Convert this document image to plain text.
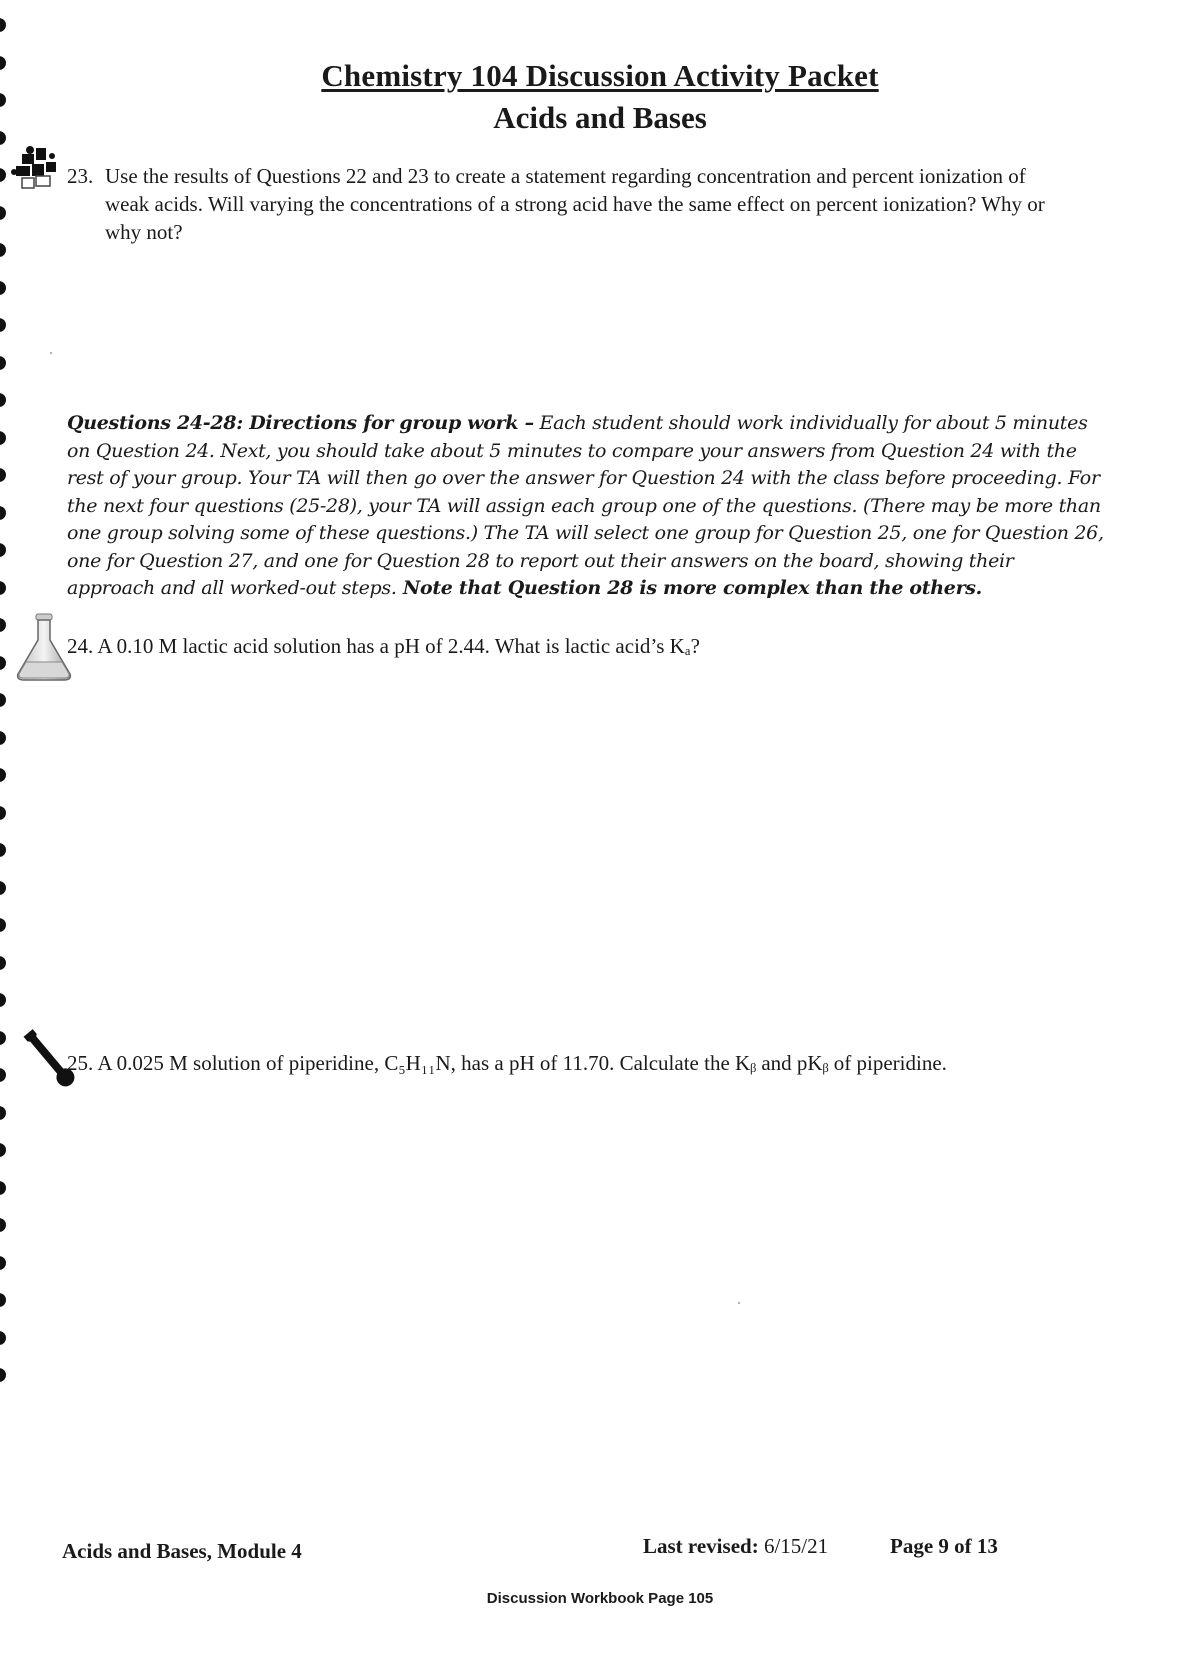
Chemistry 104 Discussion Activity Packet
Acids and Bases
23. Use the results of Questions 22 and 23 to create a statement regarding concentration and percent ionization of weak acids. Will varying the concentrations of a strong acid have the same effect on percent ionization? Why or why not?
Questions 24-28: Directions for group work – Each student should work individually for about 5 minutes on Question 24. Next, you should take about 5 minutes to compare your answers from Question 24 with the rest of your group. Your TA will then go over the answer for Question 24 with the class before proceeding. For the next four questions (25-28), your TA will assign each group one of the questions. (There may be more than one group solving some of these questions.) The TA will select one group for Question 25, one for Question 26, one for Question 27, and one for Question 28 to report out their answers on the board, showing their approach and all worked-out steps. Note that Question 28 is more complex than the others.
24. A 0.10 M lactic acid solution has a pH of 2.44. What is lactic acid’s Kₐ?
25. A 0.025 M solution of piperidine, C₅H₁₁N, has a pH of 11.70. Calculate the Kᵦ and pKᵦ of piperidine.
Acids and Bases, Module 4	Last revised: 6/15/21	Page 9 of 13
Discussion Workbook Page 105
